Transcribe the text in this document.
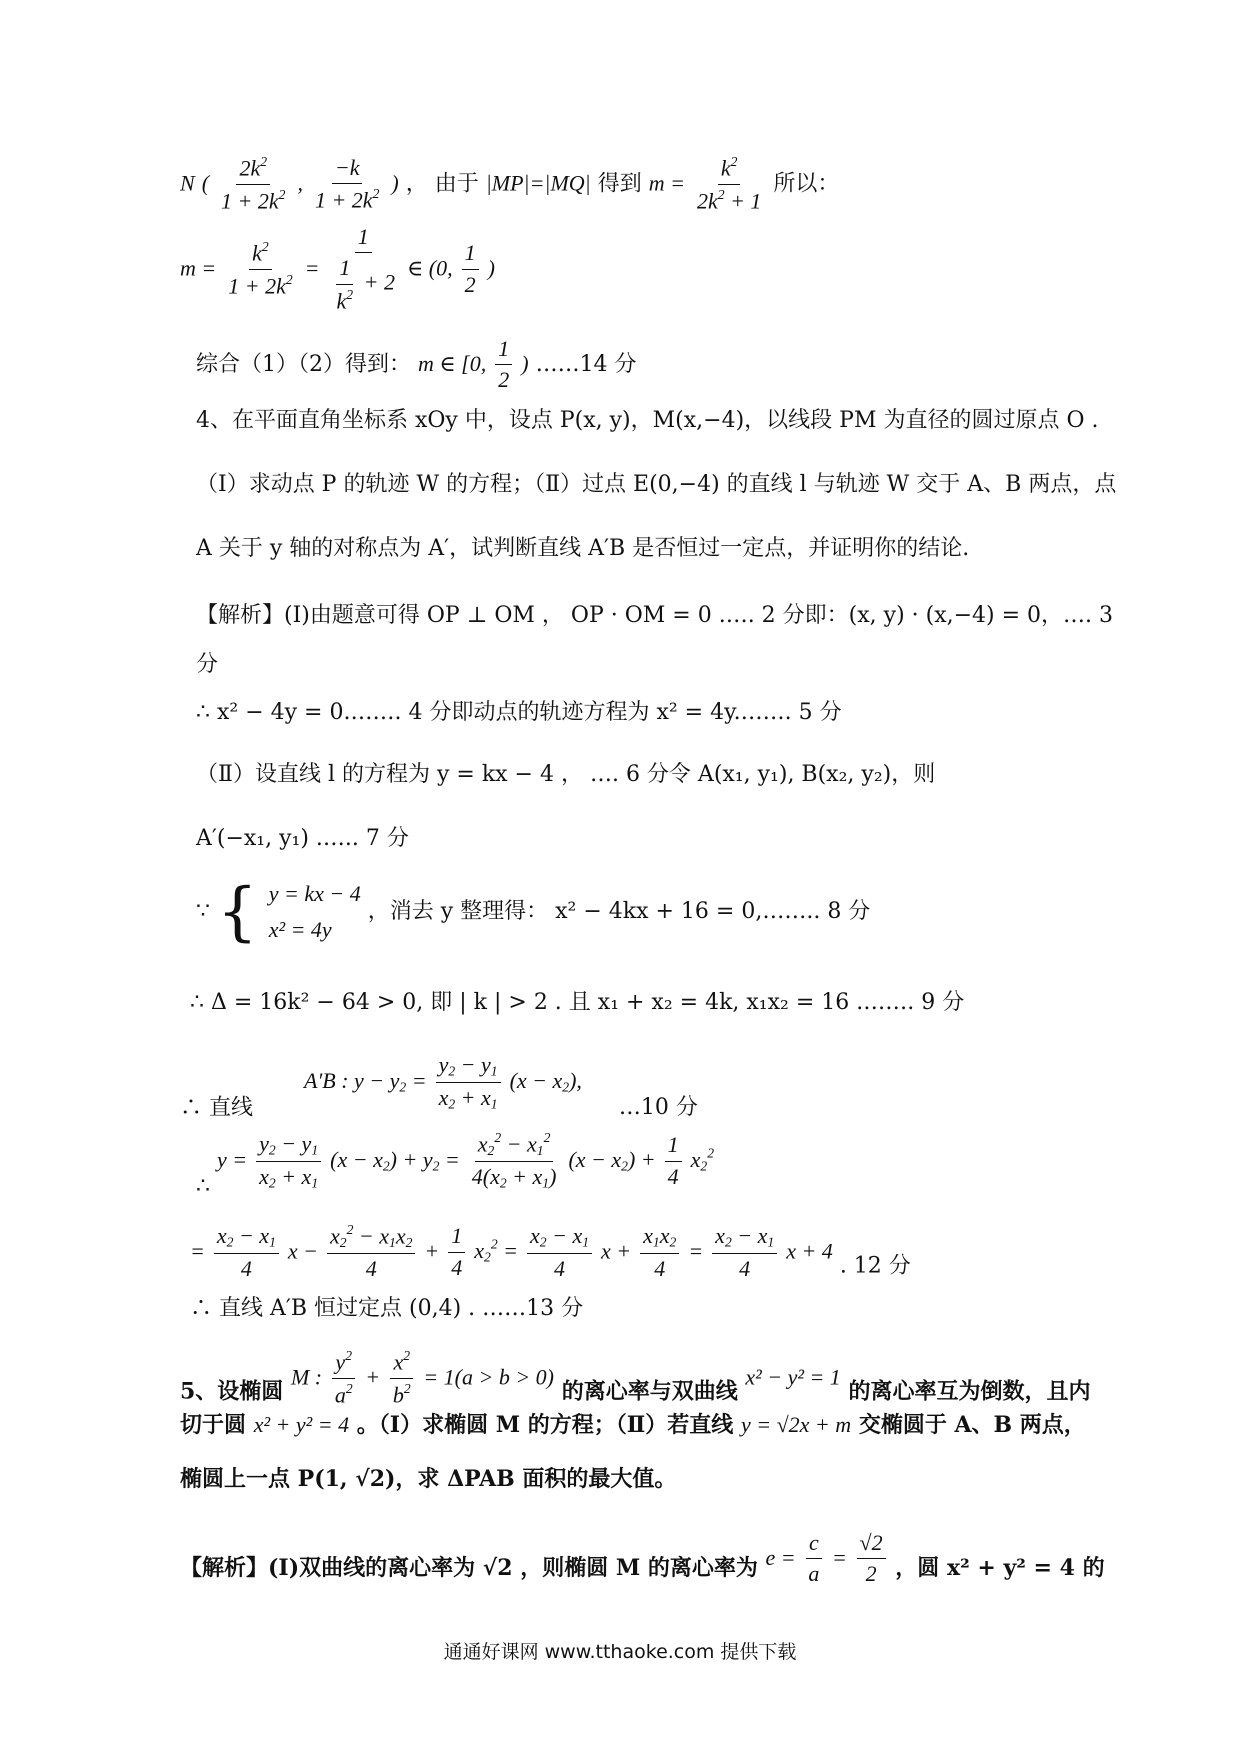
N ( $\frac{2k^2}{1 + 2k^2}$ , $\frac{-k}{1 + 2k^2}$ ) ， 由于 |MP|=|MQ| 得到 $m = \frac{k^2}{2k^2 + 1}$ 所以：
$m = \frac{k^2}{1 + 2k^2} = \frac{1}{\frac{1}{k^2} + 2}$ ∈ (0, $\frac{1}{2}$ )
综合（1）（2）得到： m ∈ [0, $\frac{1}{2}$ ) ……14 分
4、在平面直角坐标系 xOy 中，设点 P(x, y)，M(x,−4)，以线段 PM 为直径的圆过原点 O .
（Ⅰ）求动点 P 的轨迹 W 的方程；（Ⅱ）过点 E(0,−4) 的直线 l 与轨迹 W 交于 A、B 两点，点
A 关于 y 轴的对称点为 A′，试判断直线 A′B 是否恒过一定点，并证明你的结论.
【解析】(Ⅰ)由题意可得 OP ⊥ OM ， OP · OM = 0 .…. 2 分即：(x, y) · (x,−4) = 0，…. 3
分
∴ x² − 4y = 0.……. 4 分即动点的轨迹方程为 x² = 4y.……. 5 分
（Ⅱ）设直线 l 的方程为 y = kx − 4 ， …. 6 分令 A(x₁, y₁), B(x₂, y₂)，则
A′(−x₁, y₁) .….. 7 分
∵ { y = kx − 4
x² = 4y
，消去 y 整理得： x² − 4kx + 16 = 0,…….. 8 分
∴ Δ = 16k² − 64 > 0, 即 | k | > 2 . 且 x₁ + x₂ = 4k, x₁x₂ = 16 .……. 9 分
∴ 直线 A′B : $y - y_2 = \frac{y_2 - y_1}{x_2 + x_1} (x - x_2)$, …10 分
∴ $y = \frac{y_2 - y_1}{x_2 + x_1} (x - x_2) + y_2 = \frac{x_2^2 - x_1^2}{4(x_2 + x_1)} (x - x_2) + \frac{1}{4} x_2^2$
= $\frac{x_2 - x_1}{4}$ $x - \frac{x_2^2 - x_1x_2}{4} + \frac{1}{4} x_2^2 = \frac{x_2 - x_1}{4}$ $x + \frac{x_1x_2}{4} = \frac{x_2 - x_1}{4}$ x + 4 . 12 分
∴ 直线 A′B 恒过定点 (0,4) . ……13 分
5、设椭圆 M : $\frac{y^2}{a^2} + \frac{x^2}{b^2} = 1(a > b > 0)$ 的离心率与双曲线 x² − y² = 1 的离心率互为倒数，且内
切于圆 x² + y² = 4 。（Ⅰ）求椭圆 M 的方程；（Ⅱ）若直线 y = √2x + m 交椭圆于 A、B 两点，
椭圆上一点 P(1, √2)，求 ΔPAB 面积的最大值。
【解析】(Ⅰ)双曲线的离心率为 √2 ，则椭圆 M 的离心率为 $e = \frac{c}{a} = \frac{√2}{2}$ ，圆 x² + y² = 4 的
通通好课网 www.tthaoke.com 提供下载
